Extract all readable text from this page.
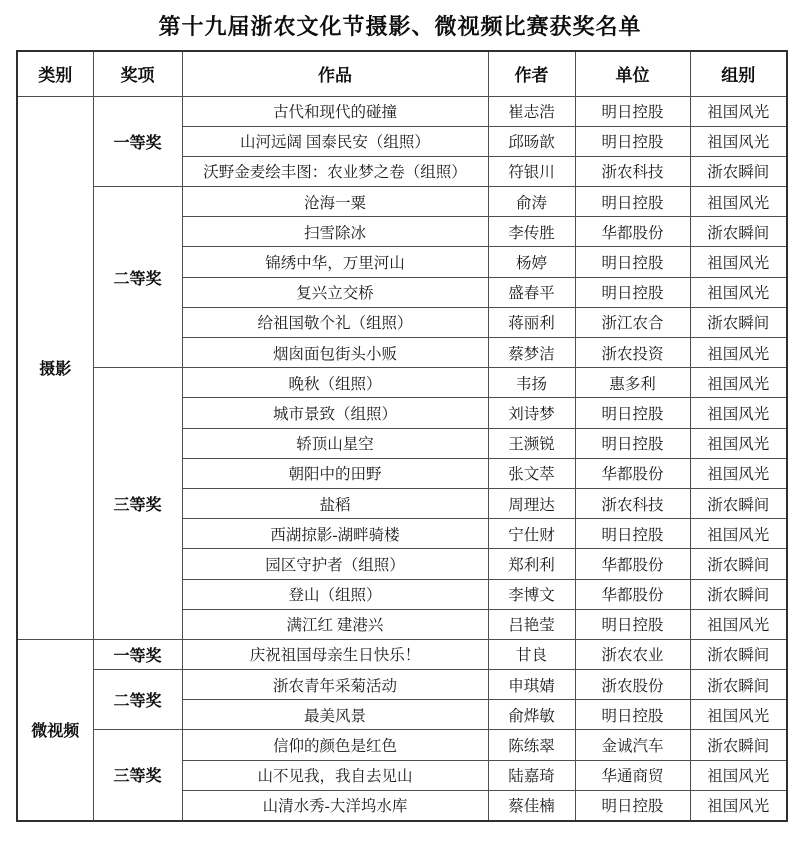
第十九届浙农文化节摄影、微视频比赛获奖名单
类别	奖项	作品	作者	单位	组别
摄影	一等奖	古代和现代的碰撞	崔志浩	明日控股	祖国风光
		山河远阔 国泰民安（组照）	邱旸歆	明日控股	祖国风光
		沃野金麦绘丰图：农业梦之卷（组照）	符银川	浙农科技	浙农瞬间
	二等奖	沧海一粟	俞涛	明日控股	祖国风光
		扫雪除冰	李传胜	华都股份	浙农瞬间
		锦绣中华，万里河山	杨婷	明日控股	祖国风光
		复兴立交桥	盛春平	明日控股	祖国风光
		给祖国敬个礼（组照）	蒋丽利	浙江农合	浙农瞬间
		烟囱面包街头小贩	蔡梦洁	浙农投资	祖国风光
	三等奖	晚秋（组照）	韦扬	惠多利	祖国风光
		城市景致（组照）	刘诗梦	明日控股	祖国风光
		轿顶山星空	王濒锐	明日控股	祖国风光
		朝阳中的田野	张文萃	华都股份	祖国风光
		盐稻	周理达	浙农科技	浙农瞬间
		西湖掠影-湖畔骑楼	宁仕财	明日控股	祖国风光
		园区守护者（组照）	郑利利	华都股份	浙农瞬间
		登山（组照）	李博文	华都股份	浙农瞬间
		满江红 建港兴	吕艳莹	明日控股	祖国风光
微视频	一等奖	庆祝祖国母亲生日快乐！	甘良	浙农农业	浙农瞬间
	二等奖	浙农青年采菊活动	申琪婧	浙农股份	浙农瞬间
		最美风景	俞烨敏	明日控股	祖国风光
	三等奖	信仰的颜色是红色	陈练翠	金诚汽车	浙农瞬间
		山不见我，我自去见山	陆嘉琦	华通商贸	祖国风光
		山清水秀-大洋坞水库	蔡佳楠	明日控股	祖国风光
